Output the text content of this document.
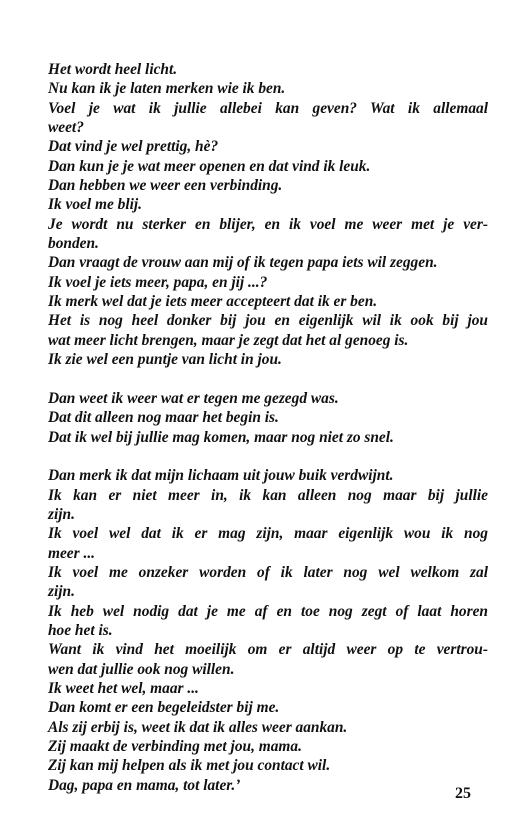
Het wordt heel licht.
Nu kan ik je laten merken wie ik ben.
Voel je wat ik jullie allebei kan geven? Wat ik allemaal
weet?
Dat vind je wel prettig, hè?
Dan kun je je wat meer openen en dat vind ik leuk.
Dan hebben we weer een verbinding.
Ik voel me blij.
Je wordt nu sterker en blijer, en ik voel me weer met je ver-
bonden.
Dan vraagt de vrouw aan mij of ik tegen papa iets wil zeggen.
Ik voel je iets meer, papa, en jij ...?
Ik merk wel dat je iets meer accepteert dat ik er ben.
Het is nog heel donker bij jou en eigenlijk wil ik ook bij jou
wat meer licht brengen, maar je zegt dat het al genoeg is.
Ik zie wel een puntje van licht in jou.
Dan weet ik weer wat er tegen me gezegd was.
Dat dit alleen nog maar het begin is.
Dat ik wel bij jullie mag komen, maar nog niet zo snel.
Dan merk ik dat mijn lichaam uit jouw buik verdwijnt.
Ik kan er niet meer in, ik kan alleen nog maar bij jullie
zijn.
Ik voel wel dat ik er mag zijn, maar eigenlijk wou ik nog
meer ...
Ik voel me onzeker worden of ik later nog wel welkom zal
zijn.
Ik heb wel nodig dat je me af en toe nog zegt of laat horen
hoe het is.
Want ik vind het moeilijk om er altijd weer op te vertrou-
wen dat jullie ook nog willen.
Ik weet het wel, maar ...
Dan komt er een begeleidster bij me.
Als zij erbij is, weet ik dat ik alles weer aankan.
Zij maakt de verbinding met jou, mama.
Zij kan mij helpen als ik met jou contact wil.
Dag, papa en mama, tot later.’	25
